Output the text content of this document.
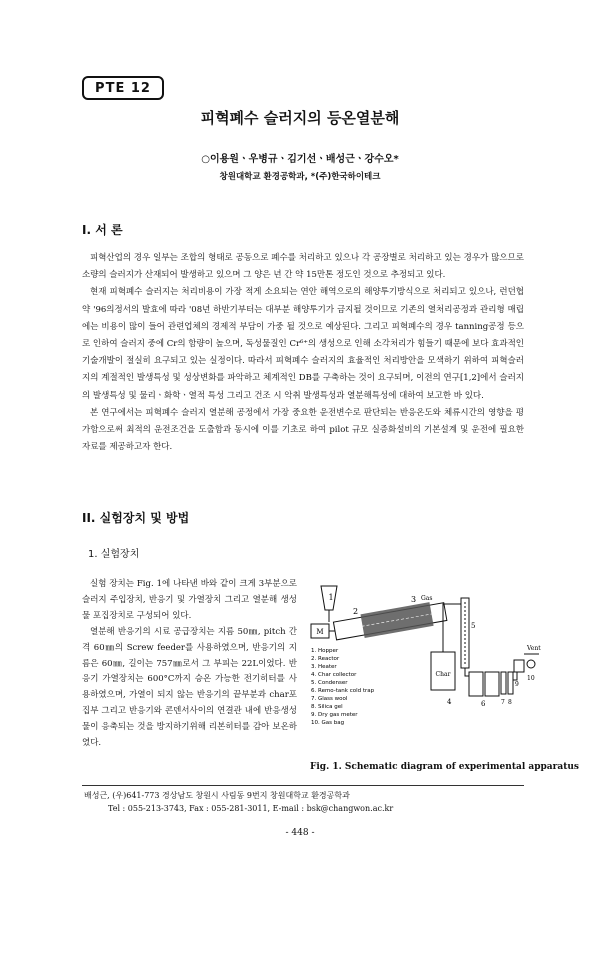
PTE 12
피혁폐수 슬러지의 등온열분해
○이용원ㆍ우병규ㆍ김기선ㆍ배성근ㆍ강수오*
창원대학교 환경공학과, *(주)한국하이테크
I. 서 론

피혁산업의 경우 일부는 조합의 형태로 공동으로 폐수를 처리하고 있으나 각 공장별로 처리하고 있는 경우가 많으므로 소량의 슬러지가 산재되어 발생하고 있으며 그 양은 년 간 약 15만톤 정도인 것으로 추정되고 있다.

현재 피혁폐수 슬러지는 처리비용이 가장 적게 소요되는 연안 해역으로의 해양투기방식으로 처리되고 있으나, 런던협약 '96의정서의 발효에 따라 '08년 하반기부터는 대부분 해양투기가 금지될 것이므로 기존의 열처리공정과 관리형 매립에는 비용이 많이 들어 관련업체의 경제적 부담이 가중 될 것으로 예상된다. 그리고 피혁폐수의 경우 tanning공정 등으로 인하여 슬러지 중에 Cr의 함량이 높으며, 독성물질인 Cr⁶⁺의 생성으로 인해 소각처리가 힘들기 때문에 보다 효과적인 기술개발이 절실히 요구되고 있는 실정이다. 따라서 피혁폐수 슬러지의 효율적인 처리방안을 모색하기 위하여 피혁슬러지의 계절적인 발생특성 및 성상변화를 파악하고 체계적인 DB를 구축하는 것이 요구되며, 이전의 연구[1,2]에서 슬러지의 발생특성 및 물리ㆍ화학ㆍ열적 특성 그리고 건조 시 악취 발생특성과 열분해특성에 대하여 보고한 바 있다.

본 연구에서는 피혁폐수 슬러지 열분해 공정에서 가장 중요한 운전변수로 판단되는 반응온도와 체류시간의 영향을 평가함으로써 최적의 운전조건을 도출함과 동시에 이를 기초로 하여 pilot 규모 실증화설비의 기본설계 및 운전에 필요한 자료를 제공하고자 한다.

II. 실험장치 및 방법
1. 실험장치

실험 장치는 Fig. 1에 나타낸 바와 같이 크게 3부분으로 슬러지 주입장치, 반응기 및 가열장치 그리고 열분해 생성물 포집장치로 구성되어 있다.

열분해 반응기의 시료 공급장치는 지름 50㎜, pitch 간격 60㎜의 Screw feeder를 사용하였으며, 반응기의 지름은 60㎜, 길이는 757㎜로서 그 부피는 22L이었다. 반응기 가열장치는 600°C까지 승온 가능한 전기히터를 사용하였으며, 가열이 되지 않는 반응기의 끝부분과 char포집부 그리고 반응기와 콘덴서사이의 연결관 내에 반응생성물이 응축되는 것을 방지하기위해 리본히터를 감아 보온하였다.

1
M
2
3
Char
4
Gas
5
6	7 8
9
10
Vent
1. Hopper
2. Reactor
3. Heater
4. Char collector
5. Condenser
6. Remo-tank cold trap
7. Glass wool
8. Silica gel
9. Dry gas meter
10. Gas bag
Fig. 1. Schematic diagram of experimental apparatus
배성근, (우)641-773 경상남도 창원시 사림동 9번지 창원대학교 환경공학과
Tel : 055-213-3743, Fax : 055-281-3011, E-mail : bsk@changwon.ac.kr
- 448 -
